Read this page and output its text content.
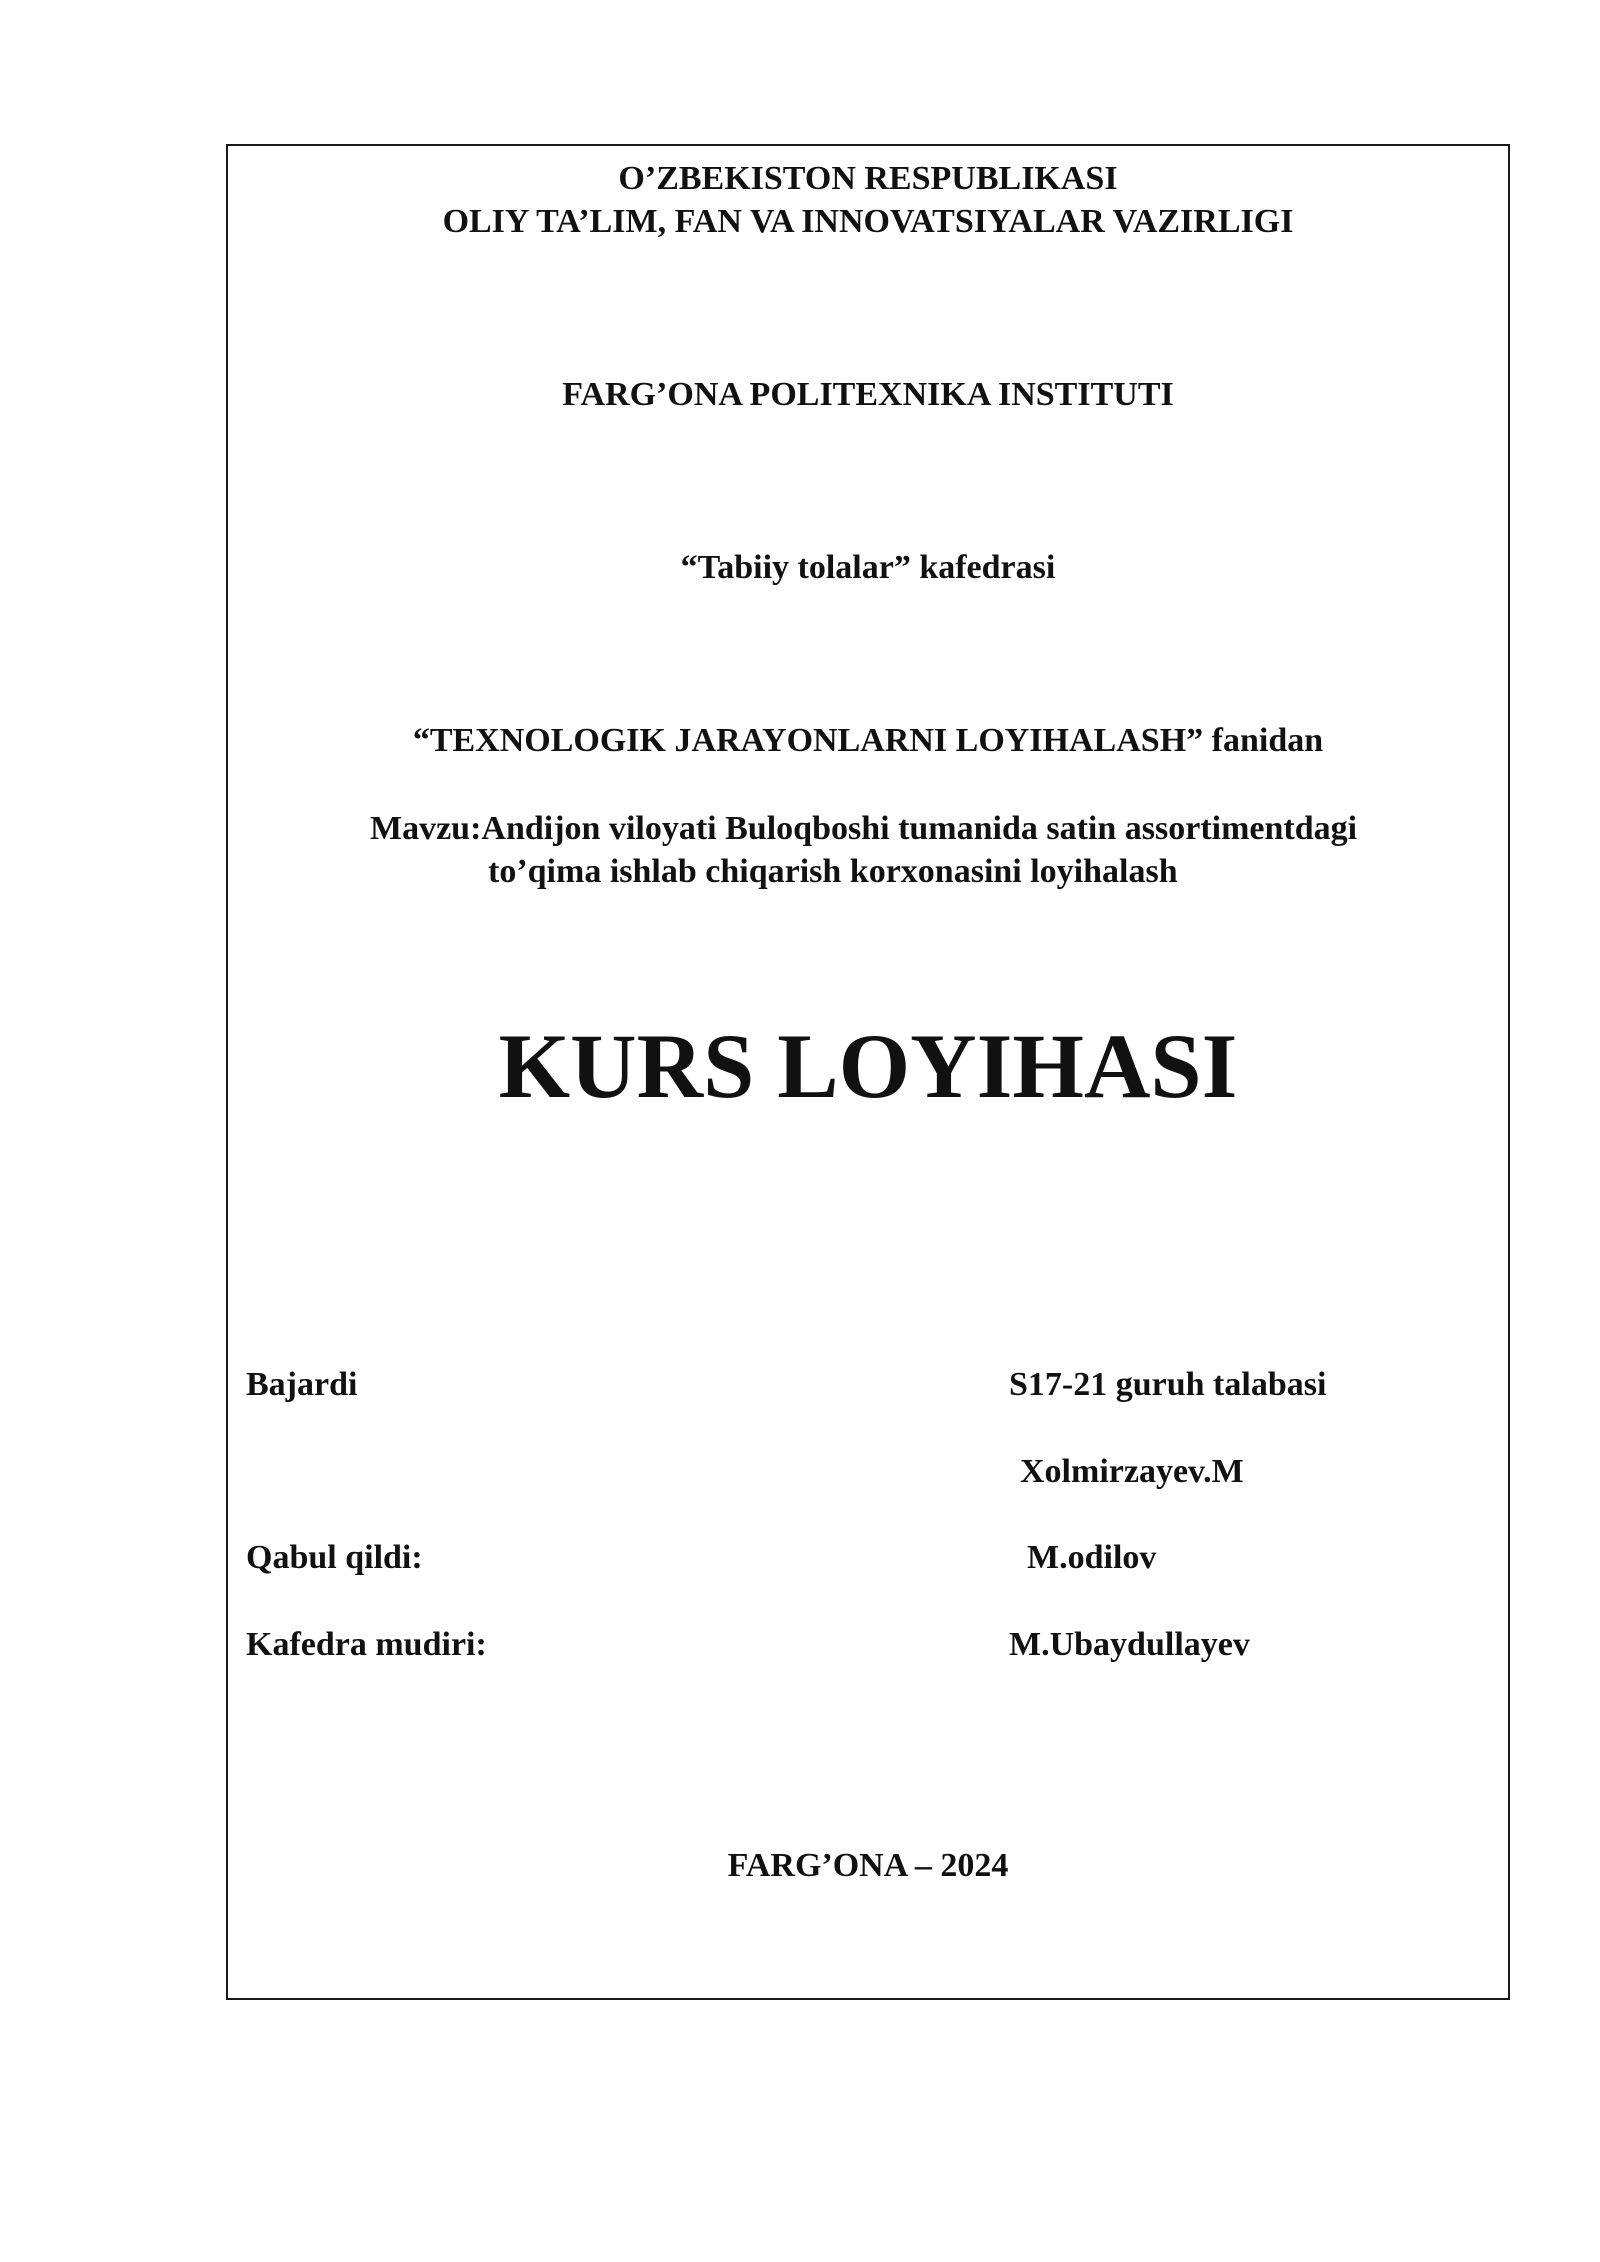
O’ZBEKISTON RESPUBLIKASI
OLIY TA’LIM, FAN VA INNOVATSIYALAR VAZIRLIGI
FARG’ONA POLITEXNIKA INSTITUTI
“Tabiiy tolalar” kafedrasi
“TEXNOLOGIK JARAYONLARNI LOYIHALASH” fanidan
Mavzu:Andijon viloyati Buloqboshi tumanida satin assortimentdagi
to’qima ishlab chiqarish korxonasini loyihalash
KURS LOYIHASI
Bajardi	S17-21 guruh talabasi
Xolmirzayev.M
Qabul qildi:	M.odilov
Kafedra mudiri:	M.Ubaydullayev
FARG’ONA – 2024
